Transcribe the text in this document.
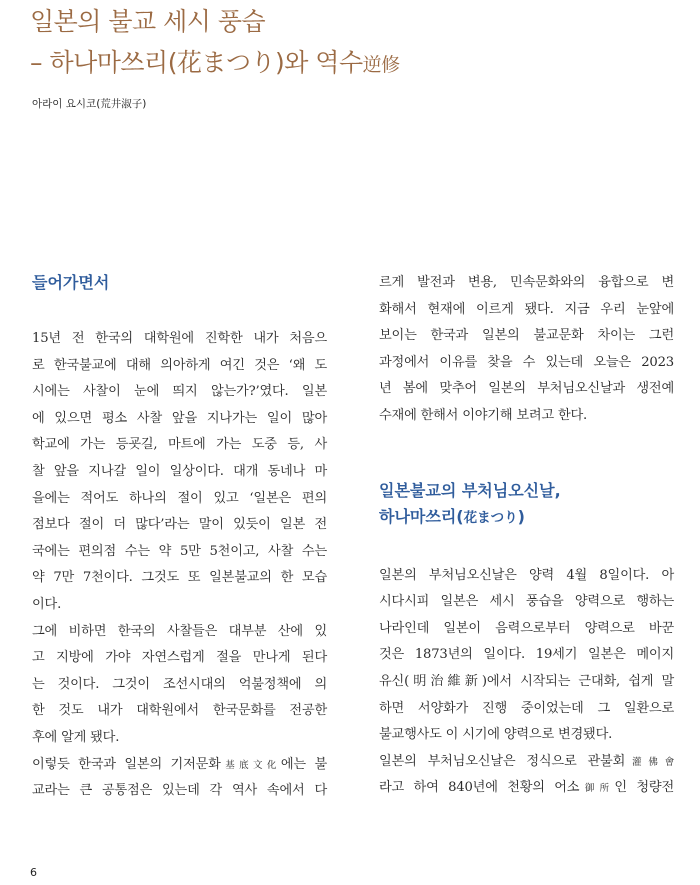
일본의 불교 세시 풍습
– 하나마쓰리(花まつり)와 역수逆修
아라이 요시코(荒井淑子)
들어가면서
15년 전 한국의 대학원에 진학한 내가 처음으
로 한국불교에 대해 의아하게 여긴 것은 ‘왜 도
시에는 사찰이 눈에 띄지 않는가?’였다. 일본
에 있으면 평소 사찰 앞을 지나가는 일이 많아
학교에 가는 등굣길, 마트에 가는 도중 등, 사
찰 앞을 지나갈 일이 일상이다. 대개 동네나 마
을에는 적어도 하나의 절이 있고 ‘일본은 편의
점보다 절이 더 많다’라는 말이 있듯이 일본 전
국에는 편의점 수는 약 5만 5천이고, 사찰 수는
약 7만 7천이다. 그것도 또 일본불교의 한 모습
이다.
그에 비하면 한국의 사찰들은 대부분 산에 있
고 지방에 가야 자연스럽게 절을 만나게 된다
는 것이다. 그것이 조선시대의 억불정책에 의
한 것도 내가 대학원에서 한국문화를 전공한
후에 알게 됐다.
이렇듯 한국과 일본의 기저문화基底文化에는 불
교라는 큰 공통점은 있는데 각 역사 속에서 다
르게 발전과 변용, 민속문화와의 융합으로 변
화해서 현재에 이르게 됐다. 지금 우리 눈앞에
보이는 한국과 일본의 불교문화 차이는 그런
과정에서 이유를 찾을 수 있는데 오늘은 2023
년 봄에 맞추어 일본의 부처님오신날과 생전예
수재에 한해서 이야기해 보려고 한다.
일본불교의 부처님오신날,
하나마쓰리(花まつり)
일본의 부처님오신날은 양력 4월 8일이다. 아
시다시피 일본은 세시 풍습을 양력으로 행하는
나라인데 일본이 음력으로부터 양력으로 바꾼
것은 1873년의 일이다. 19세기 일본은 메이지
유신(明治維新)에서 시작되는 근대화, 쉽게 말
하면 서양화가 진행 중이었는데 그 일환으로
불교행사도 이 시기에 양력으로 변경됐다.
일본의 부처님오신날은 정식으로 관불회灌佛會
라고 하여 840년에 천황의 어소御所인 청량전
6
